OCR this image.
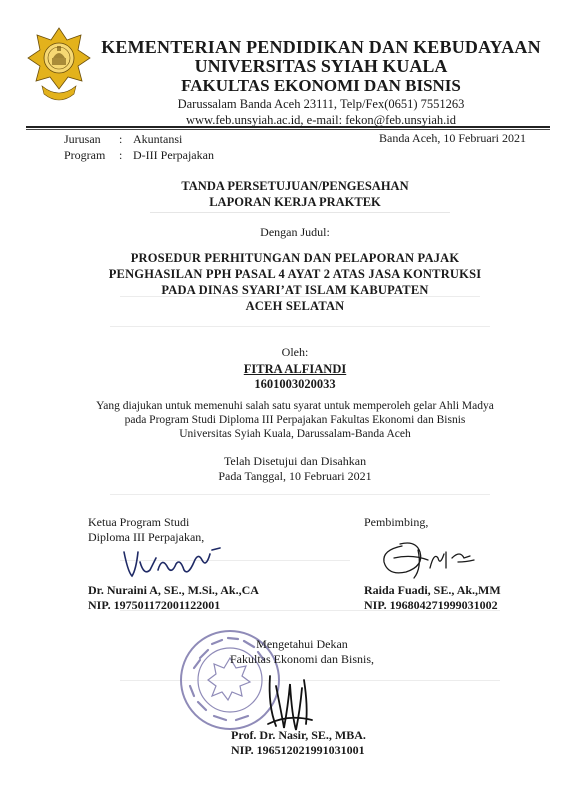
KEMENTERIAN PENDIDIKAN DAN KEBUDAYAAN
UNIVERSITAS SYIAH KUALA
FAKULTAS EKONOMI DAN BISNIS
Darussalam Banda Aceh 23111, Telp/Fex(0651) 7551263
www.feb.unsyiah.ac.id, e-mail: fekon@feb.unsyiah.id
Jurusan	: Akuntansi
Program	: D-III Perpajakan
Banda Aceh, 10 Februari 2021
TANDA PERSETUJUAN/PENGESAHAN
LAPORAN KERJA PRAKTEK
Dengan Judul:
PROSEDUR PERHITUNGAN DAN PELAPORAN PAJAK
PENGHASILAN PPH PASAL 4 AYAT 2 ATAS JASA KONTRUKSI
PADA DINAS SYARI’AT ISLAM KABUPATEN
ACEH SELATAN
Oleh:
FITRA ALFIANDI
1601003020033
Yang diajukan untuk memenuhi salah satu syarat untuk memperoleh gelar Ahli Madya
pada Program Studi Diploma III Perpajakan Fakultas Ekonomi dan Bisnis
Universitas Syiah Kuala, Darussalam-Banda Aceh
Telah Disetujui dan Disahkan
Pada Tanggal, 10 Februari 2021
Ketua Program Studi
Diploma III Perpajakan,
Dr. Nuraini A, SE., M.Si., Ak.,CA
NIP. 197501172001122001
Pembimbing,
Raida Fuadi, SE., Ak.,MM
NIP. 196804271999031002
Mengetahui Dekan
Fakultas Ekonomi dan Bisnis,
Prof. Dr. Nasir, SE., MBA.
NIP. 196512021991031001
